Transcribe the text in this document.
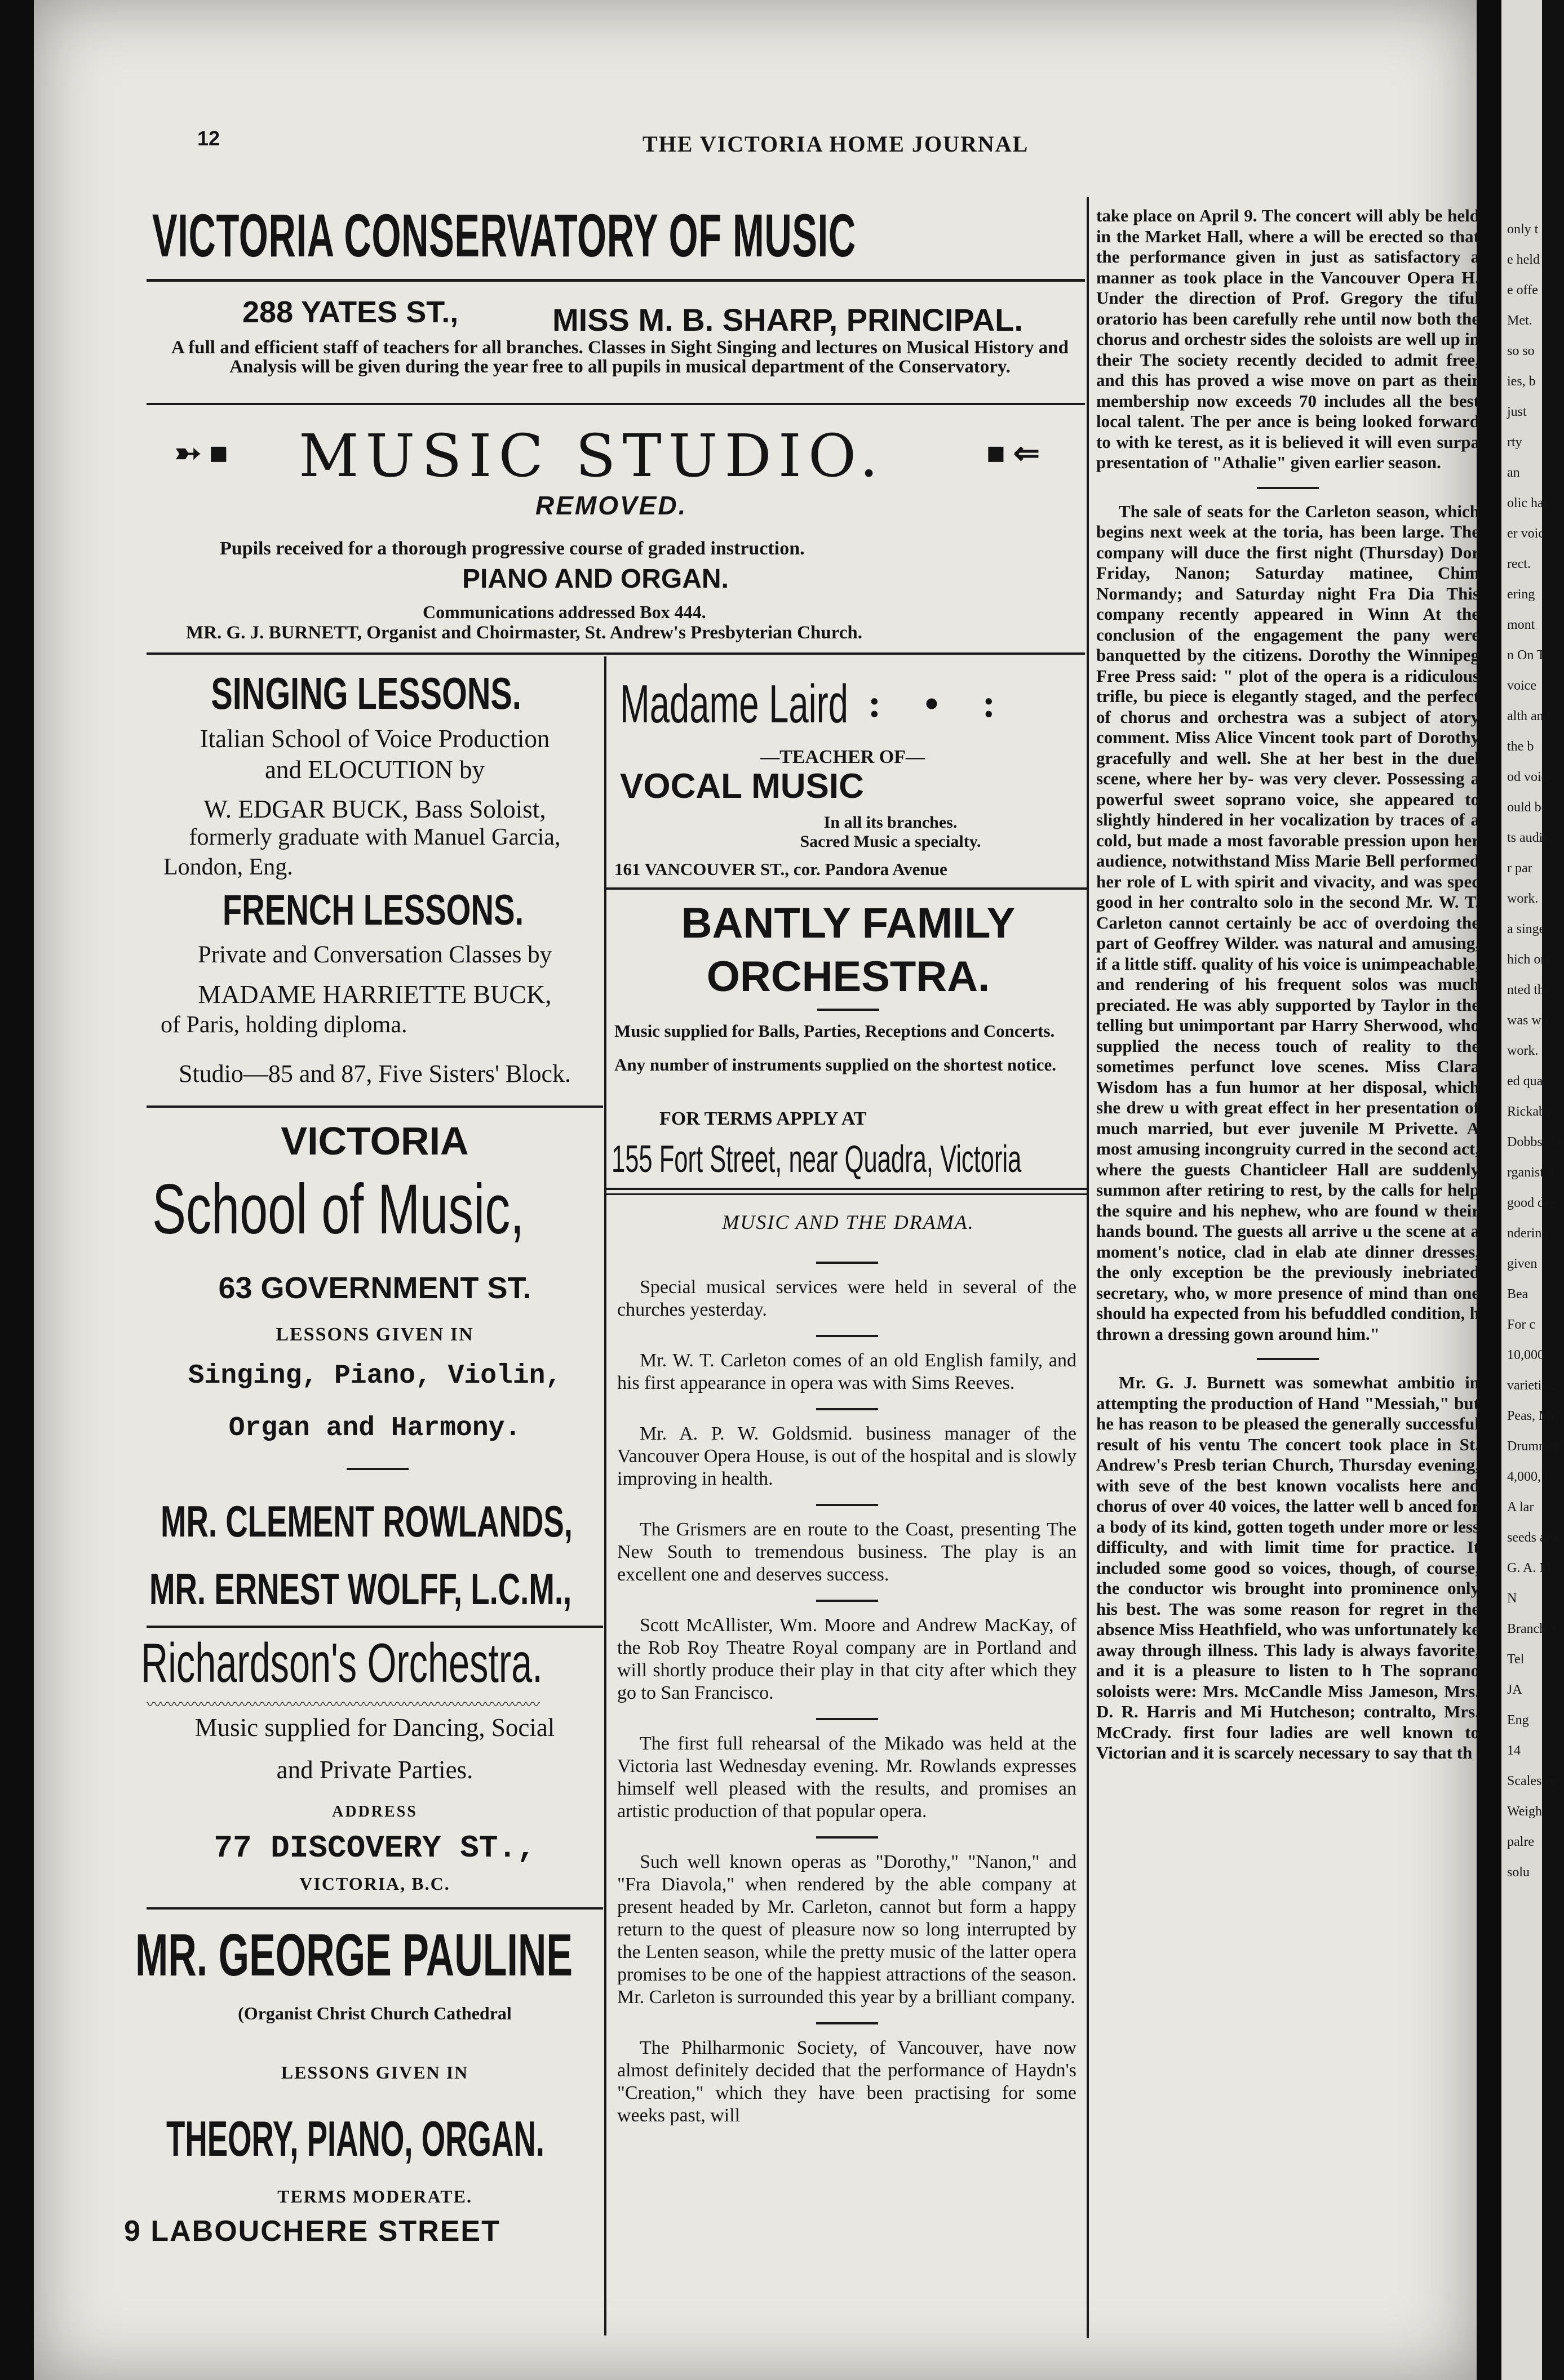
12	THE VICTORIA HOME JOURNAL
VICTORIA CONSERVATORY OF MUSIC
288 YATES ST.,	MISS M. B. SHARP, PRINCIPAL.
A full and efficient staff of teachers for all branches. Classes in Sight Singing and lectures on Musical History and Analysis will be given during the year free to all pupils in musical department of the Conservatory.
➳ ■ MUSIC STUDIO.	■ ⇐
REMOVED.
Pupils received for a thorough progressive course of graded instruction.
PIANO AND ORGAN.
Communications addressed Box 444.
MR. G. J. BURNETT, Organist and Choirmaster, St. Andrew's Presbyterian Church.
SINGING LESSONS.
Italian School of Voice Production
and ELOCUTION by
W. EDGAR BUCK, Bass Soloist,
formerly graduate with Manuel Garcia,
London, Eng.
FRENCH LESSONS.
Private and Conversation Classes by
MADAME HARRIETTE BUCK,
of Paris, holding diploma.
Studio—85 and 87, Five Sisters' Block.
VICTORIA
School of Music,
63 GOVERNMENT ST.
LESSONS GIVEN IN
Singing, Piano, Violin,
Organ and Harmony.
MR. CLEMENT ROWLANDS,
MR. ERNEST WOLFF, L.C.M.,
Richardson's Orchestra.
〰〰〰〰〰〰〰〰〰〰〰〰〰〰〰〰〰〰〰〰〰〰〰〰〰〰〰〰〰
Music supplied for Dancing, Social
and Private Parties.
ADDRESS
77 DISCOVERY ST.,
VICTORIA, B.C.
MR. GEORGE PAULINE
(Organist Christ Church Cathedral
LESSONS GIVEN IN
THEORY, PIANO, ORGAN.
TERMS MODERATE.
9 LABOUCHERE STREET
Madame Laird : • :
—TEACHER OF—
VOCAL MUSIC
In all its branches.
Sacred Music a specialty.
161 VANCOUVER ST., cor. Pandora Avenue
BANTLY FAMILY
ORCHESTRA.
Music supplied for Balls, Parties, Receptions and Concerts.
Any number of instruments supplied on the shortest notice.
FOR TERMS APPLY AT
155 Fort Street, near Quadra, Victoria
MUSIC AND THE DRAMA.

Special musical services were held in several of the churches yesterday.

Mr. W. T. Carleton comes of an old English family, and his first appearance in opera was with Sims Reeves.

Mr. A. P. W. Goldsmid. business manager of the Vancouver Opera House, is out of the hospital and is slowly improving in health.

The Grismers are en route to the Coast, presenting The New South to tremendous business. The play is an excellent one and deserves success.

Scott McAllister, Wm. Moore and Andrew MacKay, of the Rob Roy Theatre Royal company are in Portland and will shortly produce their play in that city after which they go to San Francisco.

The first full rehearsal of the Mikado was held at the Victoria last Wednesday evening. Mr. Rowlands expresses himself well pleased with the results, and promises an artistic production of that popular opera.

Such well known operas as "Dorothy," "Nanon," and "Fra Diavola," when rendered by the able company at present headed by Mr. Carleton, cannot but form a happy return to the quest of pleasure now so long interrupted by the Lenten season, while the pretty music of the latter opera promises to be one of the happiest attractions of the season. Mr. Carleton is surrounded this year by a brilliant company.

The Philharmonic Society, of Vancouver, have now almost definitely decided that the performance of Haydn's "Creation," which they have been practising for some weeks past, will

take place on April 9. The concert will ably be held in the Market Hall, where a will be erected so that the performance given in just as satisfactory a manner as took place in the Vancouver Opera H. Under the direction of Prof. Gregory the tiful oratorio has been carefully rehe until now both the chorus and orchestr sides the soloists are well up in their The society recently decided to admit free, and this has proved a wise move on part as their membership now exceeds 70 includes all the best local talent. The per ance is being looked forward to with ke terest, as it is believed it will even surpa presentation of "Athalie" given earlier season.

The sale of seats for the Carleton season, which begins next week at the toria, has been large. The company will duce the first night (Thursday) Dor Friday, Nanon; Saturday matinee, Chim Normandy; and Saturday night Fra Dia This company recently appeared in Winn At the conclusion of the engagement the pany were banquetted by the citizens. Dorothy the Winnipeg Free Press said: " plot of the opera is a ridiculous trifle, bu piece is elegantly staged, and the perfect of chorus and orchestra was a subject of atory comment. Miss Alice Vincent took part of Dorothy gracefully and well. She at her best in the duel scene, where her by- was very clever. Possessing a powerful sweet soprano voice, she appeared to slightly hindered in her vocalization by traces of a cold, but made a most favorable pression upon her audience, notwithstand Miss Marie Bell performed her role of L with spirit and vivacity, and was spec good in her contralto solo in the second Mr. W. T. Carleton cannot certainly be acc of overdoing the part of Geoffrey Wilder. was natural and amusing, if a little stiff. quality of his voice is unimpeachable, and rendering of his frequent solos was much preciated. He was ably supported by Taylor in the telling but unimportant par Harry Sherwood, who supplied the necess touch of reality to the sometimes perfunct love scenes. Miss Clara Wisdom has a fun humor at her disposal, which she drew u with great effect in her presentation of much married, but ever juvenile M Privette. A most amusing incongruity curred in the second act, where the guests Chanticleer Hall are suddenly summon after retiring to rest, by the calls for help the squire and his nephew, who are found w their hands bound. The guests all arrive u the scene at a moment's notice, clad in elab ate dinner dresses, the only exception be the previously inebriated secretary, who, w more presence of mind than one should ha expected from his befuddled condition, h thrown a dressing gown around him."

Mr. G. J. Burnett was somewhat ambitio in attempting the production of Hand "Messiah," but he has reason to be pleased the generally successful result of his ventu The concert took place in St. Andrew's Presb terian Church, Thursday evening, with seve of the best known vocalists here and chorus of over 40 voices, the latter well b anced for a body of its kind, gotten togeth under more or less difficulty, and with limit time for practice. It included some good so voices, though, of course, the conductor wis brought into prominence only his best. The was some reason for regret in the absence Miss Heathfield, who was unfortunately ke away through illness. This lady is always favorite, and it is a pleasure to listen to h The soprano soloists were: Mrs. McCandle Miss Jameson, Mrs. D. R. Harris and Mi Hutcheson; contralto, Mrs. McCrady. first four ladies are well known to Victorian and it is scarcely necessary to say that th

only t
e held
e offe
Met.
so so
ies, b
just
rty
an
olic har
er voic
rect.
ering
mont
n On T
voice
alth and
the b
od voice
ould be
ts audie
r par
work.
a singe
hich onl
nted the
was wit
work.
ed qua
Rickaby,
Dobbs. Th
rganist. I
good dea
ndering
given
Bea
For c
10,000
varieties,
Peas, Mi
Drummon
4,000, i
A lar
seeds alw
G. A. M
N
Branch S
Tel
JA
Eng
14
Scales re
Weigh
palre
solu
